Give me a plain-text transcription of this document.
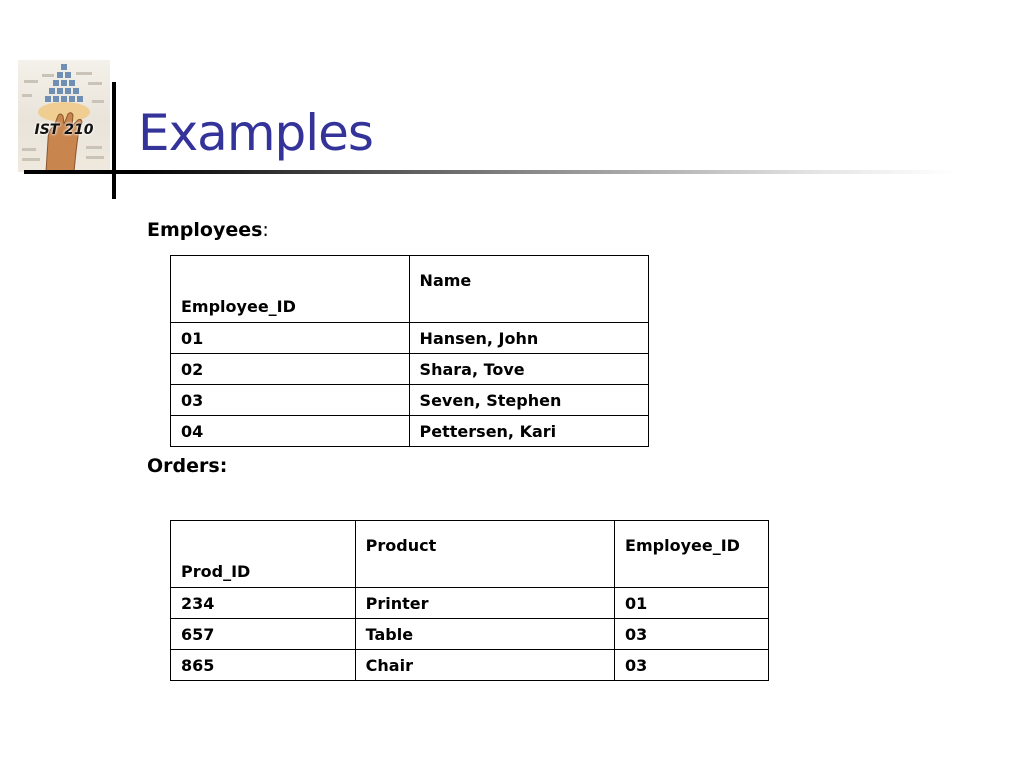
IST 210 Examples
Employees:
Employee_ID	Name
01	Hansen, John
02	Shara, Tove
03	Seven, Stephen
04	Pettersen, Kari
Orders:
Prod_ID	Product	Employee_ID
234	Printer	01
657	Table	03
865	Chair	03
